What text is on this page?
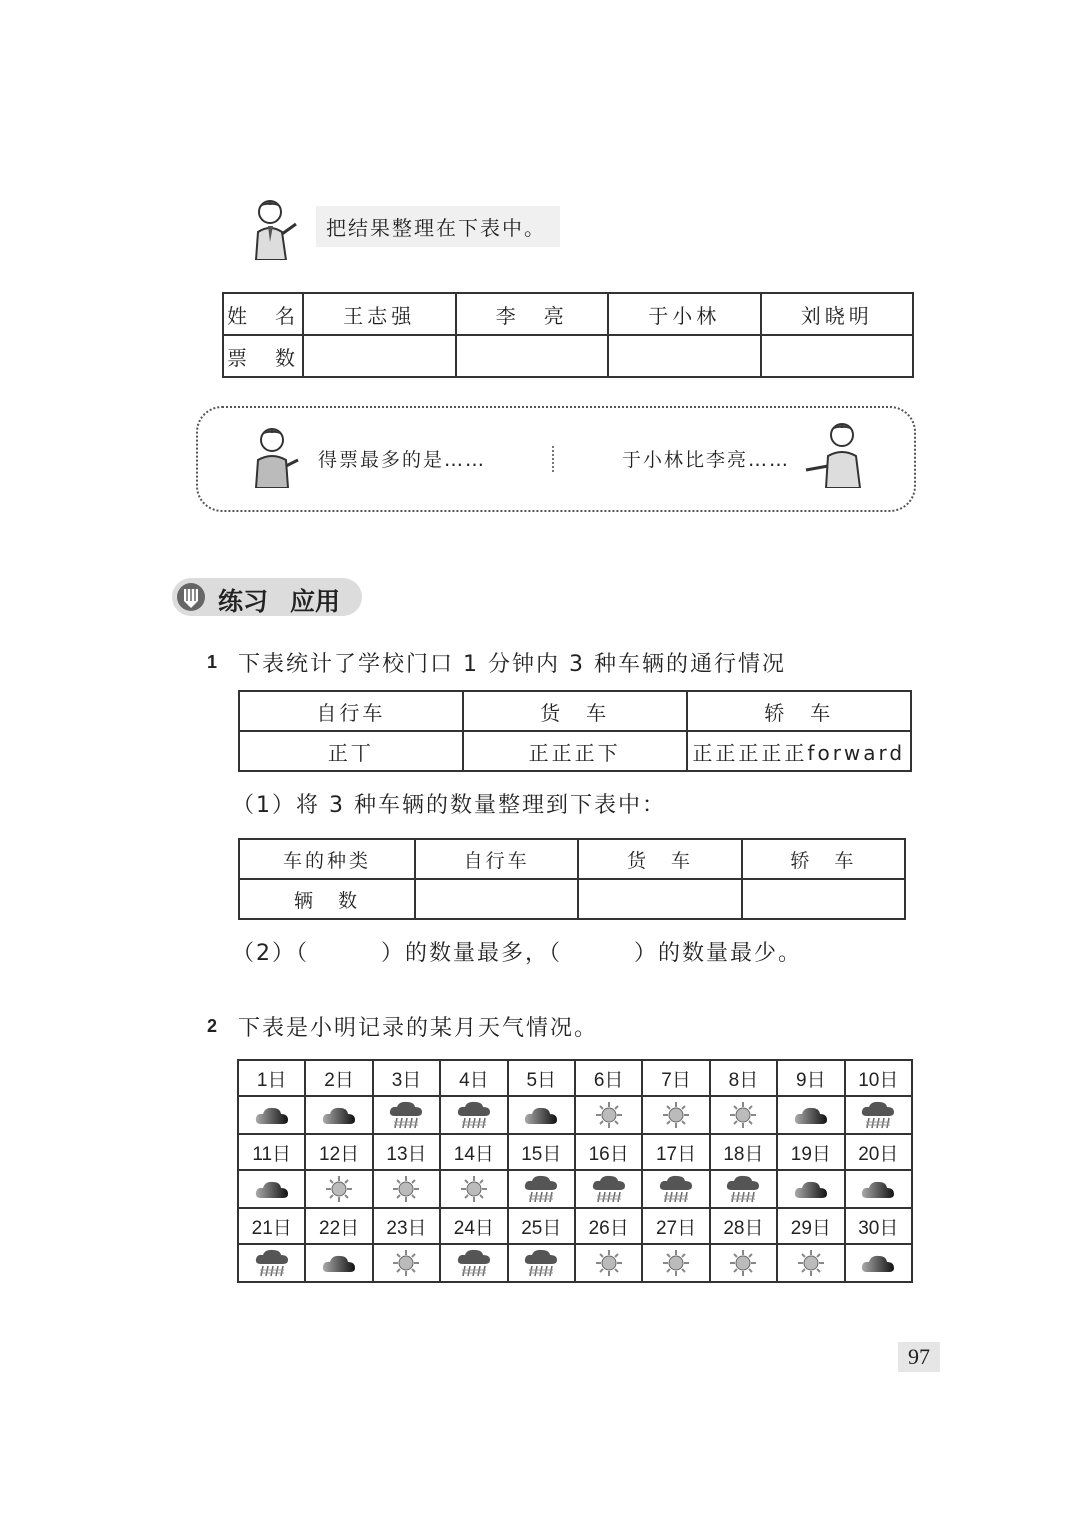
把结果整理在下表中。
姓　名	王志强	李　亮	于小林	刘晓明
票　数				
得票最多的是……	于小林比李亮……
练习 应用
1 下表统计了学校门口 1 分钟内 3 种车辆的通行情况
自行车	货　车	轿　车
正丅	正正正下	正正正正正forward
（1）将 3 种车辆的数量整理到下表中：
车的种类	自行车	货　车	轿　车
辆　数			
（2）（　　　）的数量最多，（　　　）的数量最少。
2 下表是小明记录的某月天气情况。
1日	2日	3日	4日	5日	6日	7日	8日	9日	10日

11日	12日	13日	14日	15日	16日	17日	18日	19日	20日

21日	22日	23日	24日	25日	26日	27日	28日	29日	30日

97
